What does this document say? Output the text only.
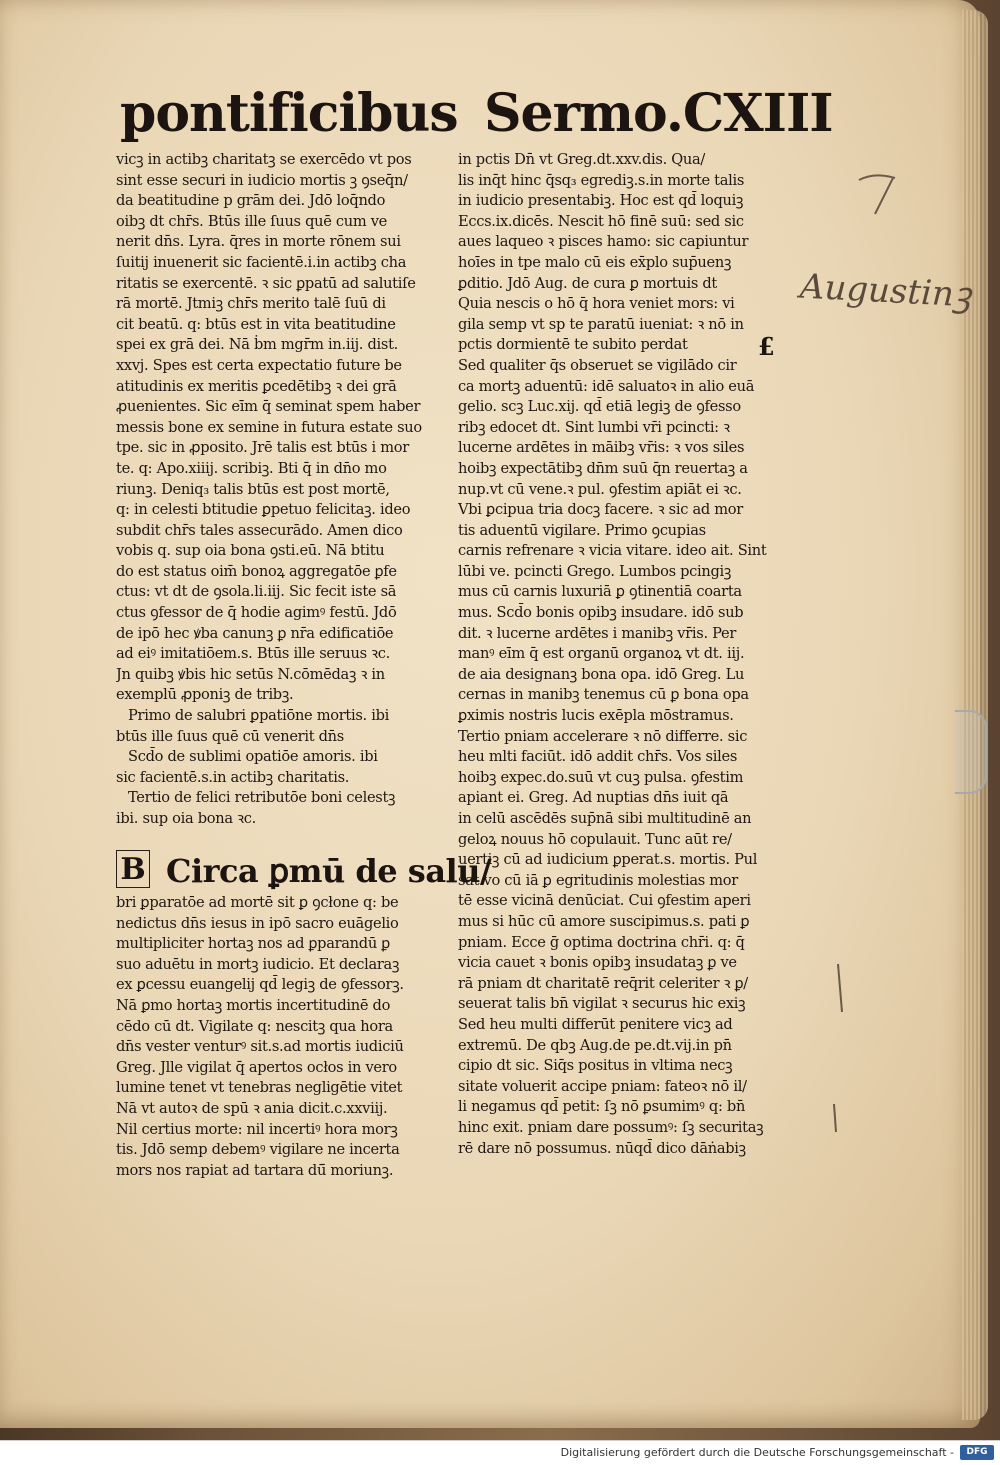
pontificibus Sermo.CXIII
vicꝫ in actibꝫ charitatꝫ se exercēdo vt pos
sint esse securi in iudicio mortis ꝫ ꝯseq̄n/
da beatitudine p grām dei. Jdō loq̄ndo
oibꝫ dt chr̄s. Btūs ille ſuus quē cum ve
nerit dn̄s. Lyra. q̄res in morte rōnem sui
ſuitij inuenerit sic facientē.i.in actibꝫ cha
ritatis se exercentē. ꝛ sic ꝑpatū ad salutiſe
rā mortē. Jtmiꝫ chr̄s merito talē ſuū di
cit beatū. q: btūs est in vita beatitudine
spei ex grā dei. Nā ḃm mgr̄m in.iij. dist.
xxvj. Spes est certa expectatio future be
atitudinis ex meritis ꝑcedētibꝫ ꝛ dei grā
ꝓuenientes. Sic eīm q̄ seminat spem haber
messis bone ex semine in futura estate suo
tpe. sic in ꝓposito. Jrē talis est btūs i mor
te. q: Apo.xiiij. scribiꝫ. Bti q̄ in dn̄o mo
riunꝫ. Deniq₃ talis btūs est post mortē,
q: in celesti btitudie ꝑpetuo felicitaꝫ. ideo
subdit chr̄s tales assecurādo. Amen dico
vobis q. sup oia bona ꝯsti.eū. Nā btitu
do est status oim̄ bonoꝝ aggregatōe ꝑfe
ctus: vt dt de ꝯsola.li.iij. Sic fecit iste sā
ctus ꝯfessor de q̄ hodie agimꝰ festū. Jdō
de ipō hec ꝟba canunꝫ ꝑ nr̄a edificatiōe
ad eiꝰ imitatiōem.s. Btūs ille seruus ꝛc.
Jn quibꝫ ꝟbis hic setūs N.cōmēdaꝫ ꝛ in
exemplū ꝓponiꝫ de tribꝫ.
Primo de salubri ꝑpatiōne mortis. ibi
btūs ille ſuus quē cū venerit dn̄s
Scd̄o de sublimi opatiōe amoris. ibi
sic facientē.s.in actibꝫ charitatis.
Tertio de felici retributōe boni celestꝫ
ibi. sup oia bona ꝛc.
B Circa ꝑmū de salu/
bri ꝑparatōe ad mortē sit ꝑ ꝯcłone q: be
nedictus dn̄s iesus in ipō sacro euāgelio
multipliciter hortaꝫ nos ad ꝑparandū ꝑ
suo aduētu in mortꝫ iudicio. Et declaraꝫ
ex ꝑcessu euangelij qd̄ legiꝫ de ꝯfessorꝫ.
Nā ꝑmo hortaꝫ mortis incertitudinē do
cēdo cū dt. Vigilate q: nescitꝫ qua hora
dn̄s vester venturꝰ sit.s.ad mortis iudiciū
Greg. Jlle vigilat q̄ apertos ocłos in vero
lumine tenet vt tenebras negligētie vitet
Nā vt autoꝛ de spū ꝛ ania dicit.c.xxviij.
Nil certius morte: nil incertiꝰ hora morꝫ
tis. Jdō semp debemꝰ vigilare ne incerta
mors nos rapiat ad tartara dū̄ moriunꝫ.
in pctis Dn̄ vt Greg.dt.xxv.dis. Qua/
lis inq̄t hinc q̄sq₃ egrediꝫ.s.in morte talis
in iudicio presentabiꝫ. Hoc est qd̄ loquiꝫ
Eccs.ix.dicēs. Nescit hō finē suū: sed sic
aues laqueo ꝛ pisces hamo: sic capiuntur
hoīes in tpe malo cū eis ex̄plo sup̄uenꝫ
ꝑditio. Jdō Aug. de cura ꝑ mortuis dt
Quia nescis o hō q̄ hora veniet mors: vi
gila semp vt sp te paratū iueniat: ꝛ nō in
pctis dormientē te subito perdat
Sed qualiter q̄s obseruet se vigilādo cir
ca mortꝫ aduentū: idē saluatoꝛ in alio euā
gelio. scꝫ Luc.xij. qd̄ etiā legiꝫ de ꝯfesso
ribꝫ edocet dt. Sint lumbi vr̄i pcincti: ꝛ
lucerne ardētes in māibꝫ vr̄is: ꝛ vos siles
hoibꝫ expectātibꝫ dn̄m suū q̄n reuertaꝫ a
nup.vt cū vene.ꝛ pul. ꝯfestim apiāt ei ꝛc.
Vbi ꝑcipua tria docꝫ facere. ꝛ sic ad mor
tis aduentū vigilare. Primo ꝯcupias
carnis refrenare ꝛ vicia vitare. ideo ait. Sint
lūbi ve. pcincti Grego. Lumbos pcingiꝫ
mus cū carnis luxuriā ꝑ ꝯtinentiā coarta
mus. Scd̄o bonis opibꝫ insudare. idō sub
dit. ꝛ lucerne ardētes i manibꝫ vr̄is. Per
manꝰ eīm q̄ est organū organoꝝ vt dt. iij.
de aia designanꝫ bona opa. idō Greg. Lu
cernas in manibꝫ tenemus cū ꝑ bona opa
ꝑximis nostris lucis exēpla mōstramus.
Tertio pniam accelerare ꝛ nō differre. sic
heu mlti faciūt. idō addit chr̄s. Vos siles
hoibꝫ expec.do.suū vt cuꝫ pulsa. ꝯfestim
apiant ei. Greg. Ad nuptias dn̄s iuit qā
in celū ascēdēs sup̄nā sibi multitudinē an
geloꝝ nouus hō copulauit. Tunc aūt re/
uertiꝫ cū ad iudicium ꝑperat.s. mortis. Pul
sat vo cū iā ꝑ egritudinis molestias mor
tē esse vicinā denūciat. Cui ꝯfestim aperi
mus si hūc cū amore suscipimus.s. pati ꝑ
pniam. Ecce ḡ optima doctrina chr̄i. q: q̄
vicia cauet ꝛ bonis opibꝫ insudataꝫ ꝑ ve
rā pniam dt charitatē req̄rit celeriter ꝛ ꝑ/
seuerat talis bn̄ vigilat ꝛ securus hic exiꝫ
Sed heu multi differūt penitere vicꝫ ad
extremū. De qbꝫ Aug.de pe.dt.vij.in pn̄
cipio dt sic. Siq̄s positus in vltima necꝫ
sitate voluerit accipe pniam: fateoꝛ nō il/
li negamus qd̄ petit: ſꝫ nō ꝑsumimꝰ q: bn̄
hinc exit. pniam dare possumꝰ: ſꝫ securitaꝫ
rē dare nō possumus. nūqd̄ dico dāṅabiꝫ
£
Augustinꝫ
Digitalisierung gefördert durch die Deutsche Forschungsgemeinschaft -	DFG
